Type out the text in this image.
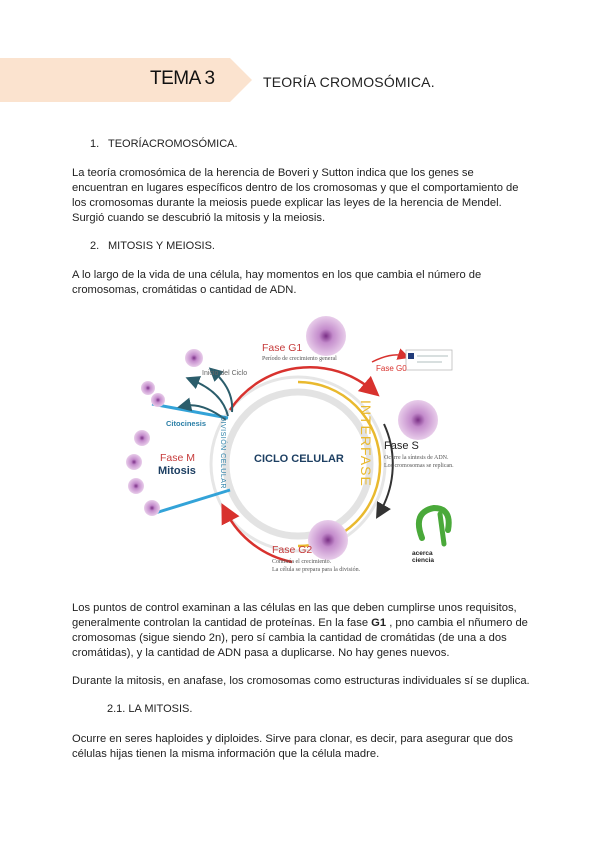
TEMA 3	TEORÍA CROMOSÓMICA.
1. TEORÍACROMOSÓMICA.
La teoría cromosómica de la herencia de Boveri y Sutton indica que los genes se
encuentran en lugares específicos dentro de los cromosomas y que el comportamiento de
los cromosomas durante la meiosis puede explicar las leyes de la herencia de Mendel.
Surgió cuando se descubrió la mitosis y la meiosis.
2. MITOSIS Y MEIOSIS.
A lo largo de la vida de una célula, hay momentos en los que cambia el número de
cromosomas, cromátidas o cantidad de ADN.
CICLO CELULAR INTERFASE
DIVISIÓN CELULAR
Fase G1
Período de crecimiento general
Fase G0
Fase S
Ocurre la síntesis de ADN.
Los cromosomas se replican.
Fase G2
Continúa el crecimiento.
La célula se prepara para la división.
Fase M
Mitosis
Citocinesis
Inicio del Ciclo
acerca
ciencia
Los puntos de control examinan a las células en las que deben cumplirse unos requisitos,
generalmente controlan la cantidad de proteínas. En la fase G1 , pno cambia el nñumero de
cromosomas (sigue siendo 2n), pero sí cambia la cantidad de cromátidas (de una a dos
cromátidas), y la cantidad de ADN pasa a duplicarse. No hay genes nuevos.
Durante la mitosis, en anafase, los cromosomas como estructuras individuales sí se duplica.
2.1. LA MITOSIS.
Ocurre en seres haploides y diploides. Sirve para clonar, es decir, para asegurar que dos
células hijas tienen la misma información que la célula madre.
